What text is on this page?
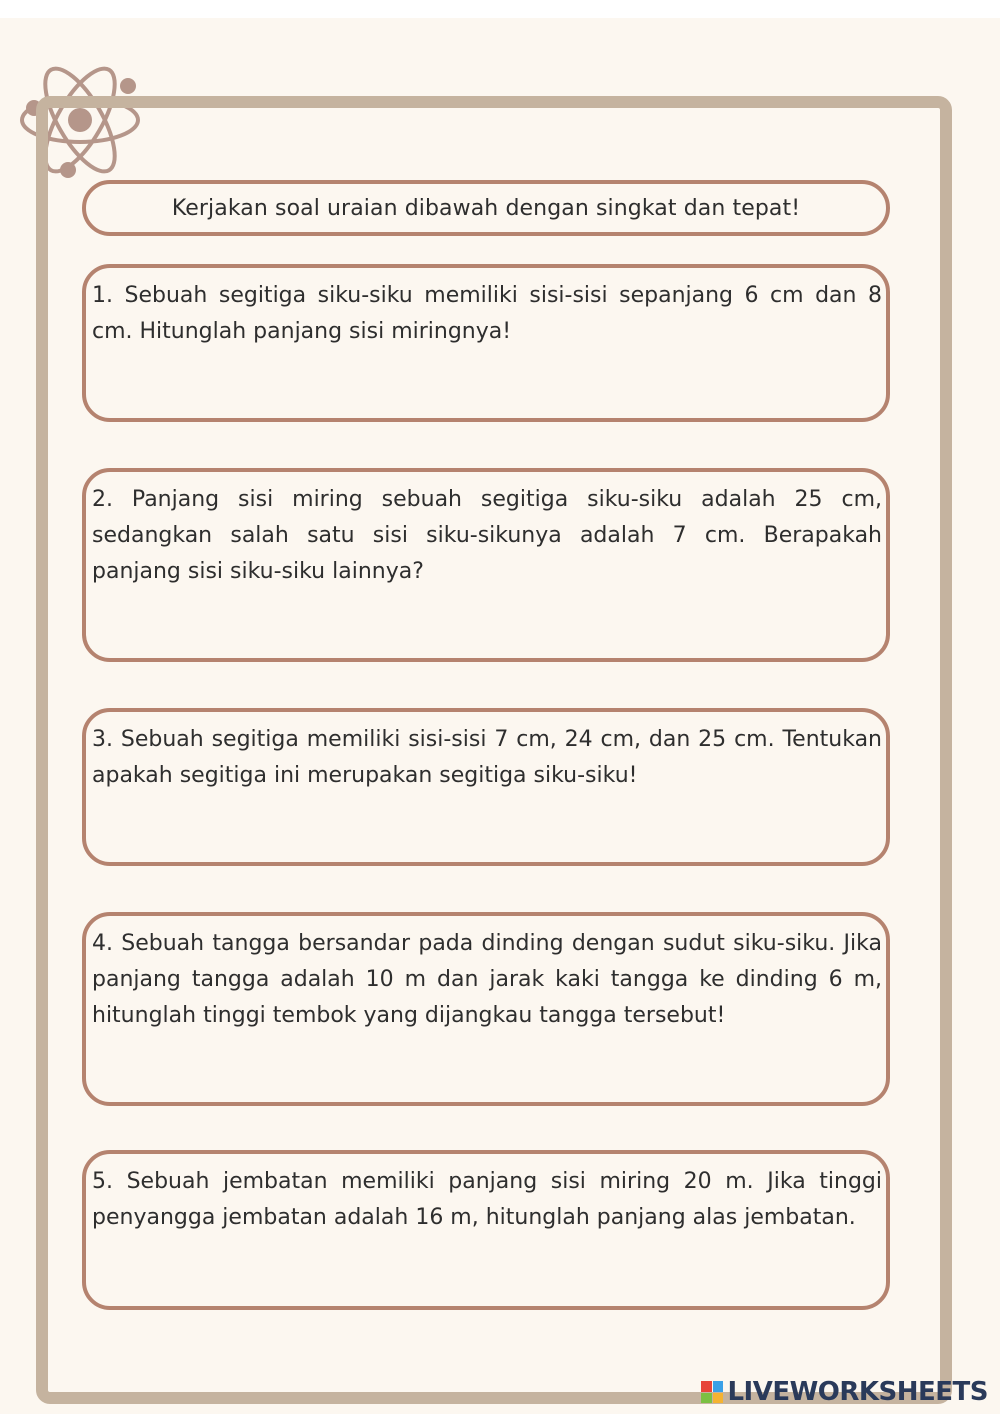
Kerjakan soal uraian dibawah dengan singkat dan tepat!
1. Sebuah segitiga siku-siku memiliki sisi-sisi sepanjang 6 cm dan 8 cm. Hitunglah panjang sisi miringnya!
2. Panjang sisi miring sebuah segitiga siku-siku adalah 25 cm, sedangkan salah satu sisi siku-sikunya adalah 7 cm. Berapakah panjang sisi siku-siku lainnya?
3. Sebuah segitiga memiliki sisi-sisi 7 cm, 24 cm, dan 25 cm. Tentukan apakah segitiga ini merupakan segitiga siku-siku!
4. Sebuah tangga bersandar pada dinding dengan sudut siku-siku. Jika panjang tangga adalah 10 m dan jarak kaki tangga ke dinding 6 m, hitunglah tinggi tembok yang dijangkau tangga tersebut!
5. Sebuah jembatan memiliki panjang sisi miring 20 m. Jika tinggi penyangga jembatan adalah 16 m, hitunglah panjang alas jembatan.
LIVEWORKSHEETS
